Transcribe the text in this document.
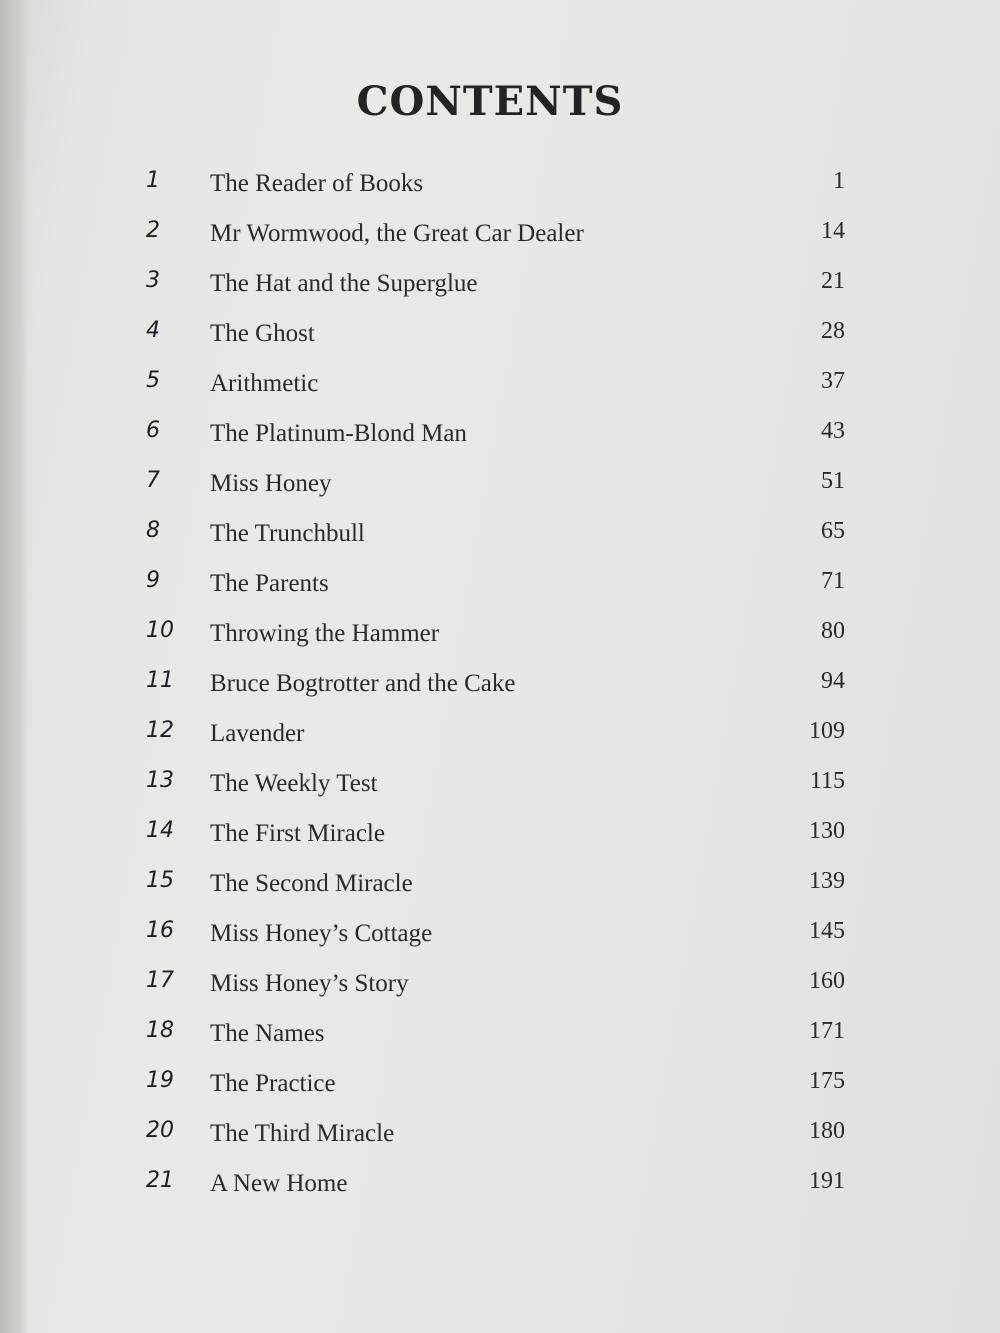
CONTENTS
1 The Reader of Books	1
2 Mr Wormwood, the Great Car Dealer	14
3 The Hat and the Superglue	21
4 The Ghost	28
5 Arithmetic	37
6 The Platinum-Blond Man	43
7 Miss Honey	51
8 The Trunchbull	65
9 The Parents	71
10 Throwing the Hammer	80
11 Bruce Bogtrotter and the Cake	94
12 Lavender	109
13 The Weekly Test	115
14 The First Miracle	130
15 The Second Miracle	139
16 Miss Honey’s Cottage	145
17 Miss Honey’s Story	160
18 The Names	171
19 The Practice	175
20 The Third Miracle	180
21 A New Home	191
